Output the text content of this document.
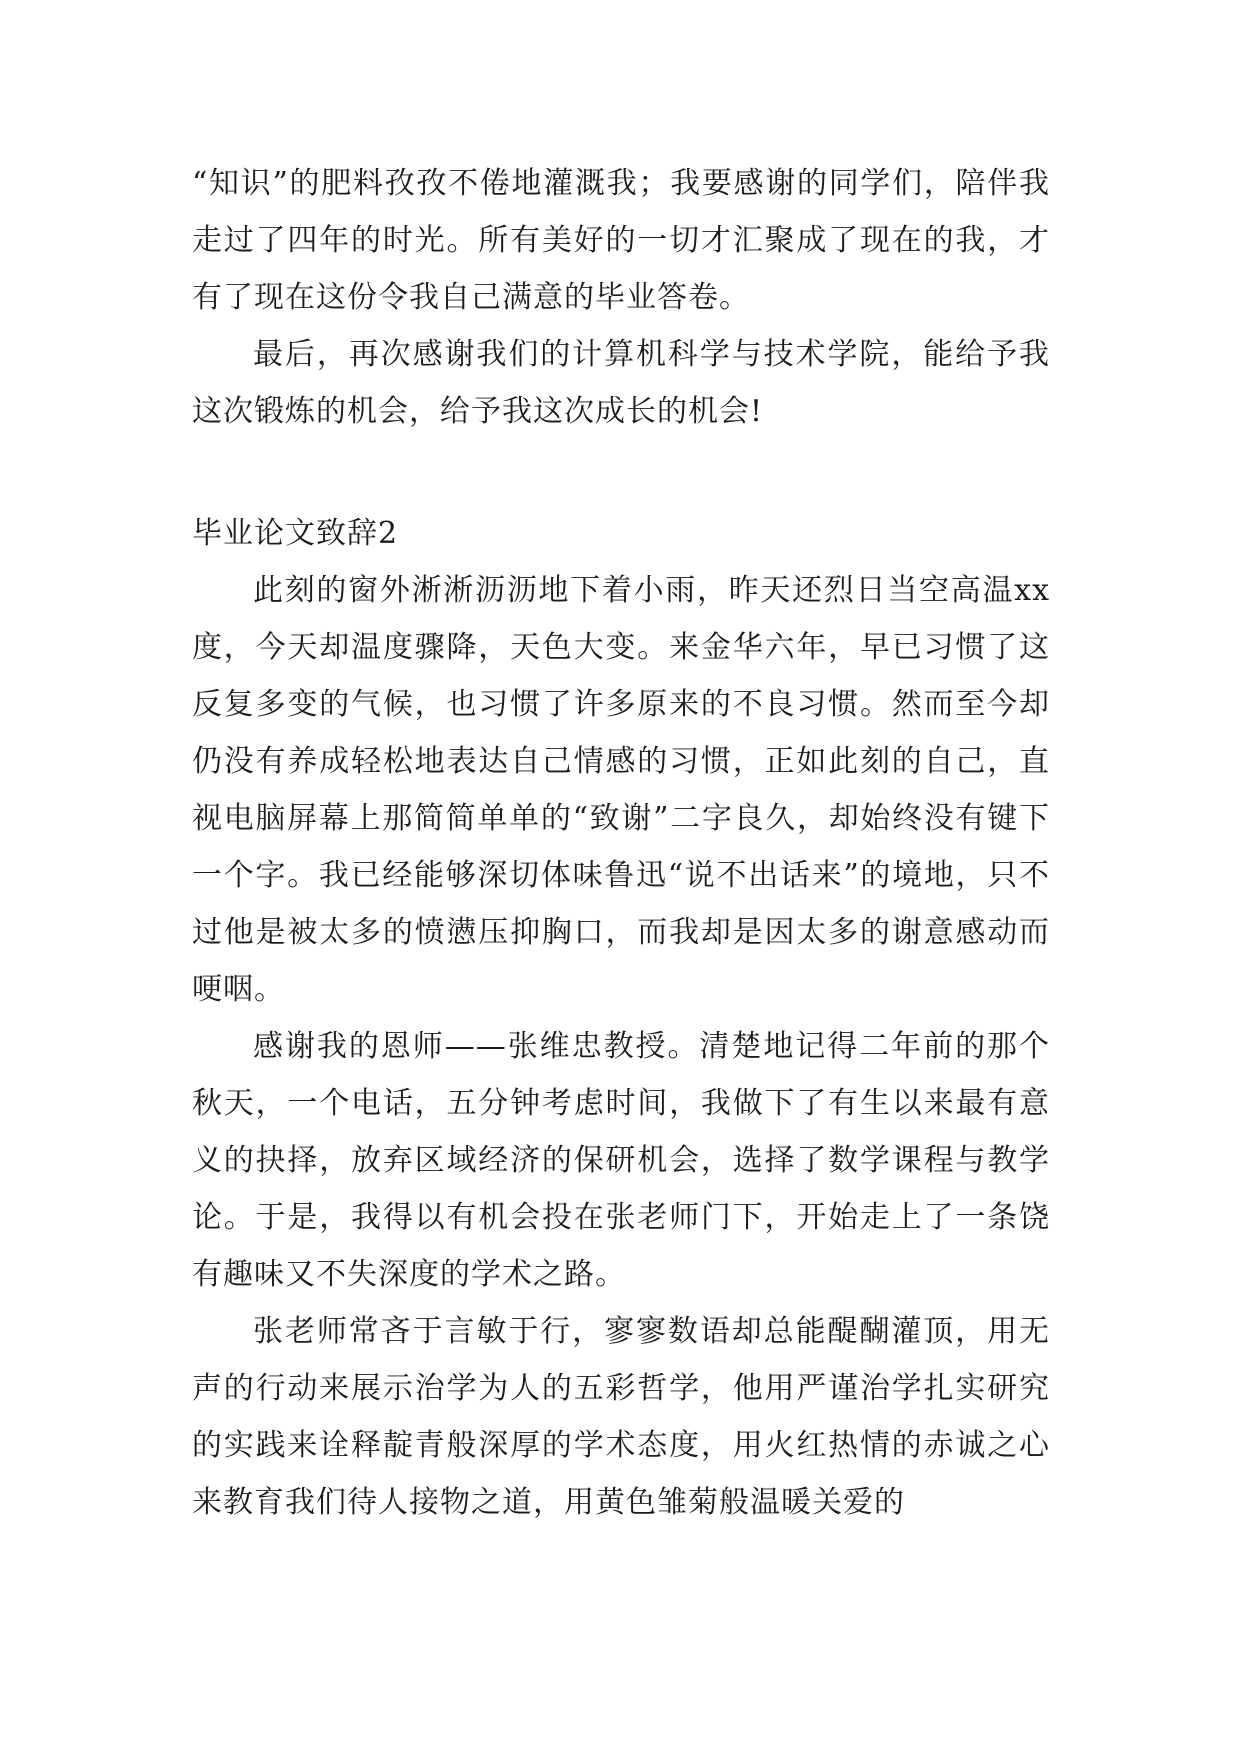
“知识”的肥料孜孜不倦地灌溉我；我要感谢的同学们，陪伴我走过了四年的时光。所有美好的一切才汇聚成了现在的我，才有了现在这份令我自己满意的毕业答卷。

最后，再次感谢我们的计算机科学与技术学院，能给予我这次锻炼的机会，给予我这次成长的机会!

毕业论文致辞2

此刻的窗外淅淅沥沥地下着小雨，昨天还烈日当空高温xx度，今天却温度骤降，天色大变。来金华六年，早已习惯了这反复多变的气候，也习惯了许多原来的不良习惯。然而至今却仍没有养成轻松地表达自己情感的习惯，正如此刻的自己，直视电脑屏幕上那简简单单的“致谢”二字良久，却始终没有键下一个字。我已经能够深切体味鲁迅“说不出话来”的境地，只不过他是被太多的愤懑压抑胸口，而我却是因太多的谢意感动而哽咽。

感谢我的恩师——张维忠教授。清楚地记得二年前的那个秋天，一个电话，五分钟考虑时间，我做下了有生以来最有意义的抉择，放弃区域经济的保研机会，选择了数学课程与教学论。于是，我得以有机会投在张老师门下，开始走上了一条饶有趣味又不失深度的学术之路。

张老师常吝于言敏于行，寥寥数语却总能醍醐灌顶，用无声的行动来展示治学为人的五彩哲学，他用严谨治学扎实研究的实践来诠释靛青般深厚的学术态度，用火红热情的赤诚之心来教育我们待人接物之道，用黄色雏菊般温暖关爱的
